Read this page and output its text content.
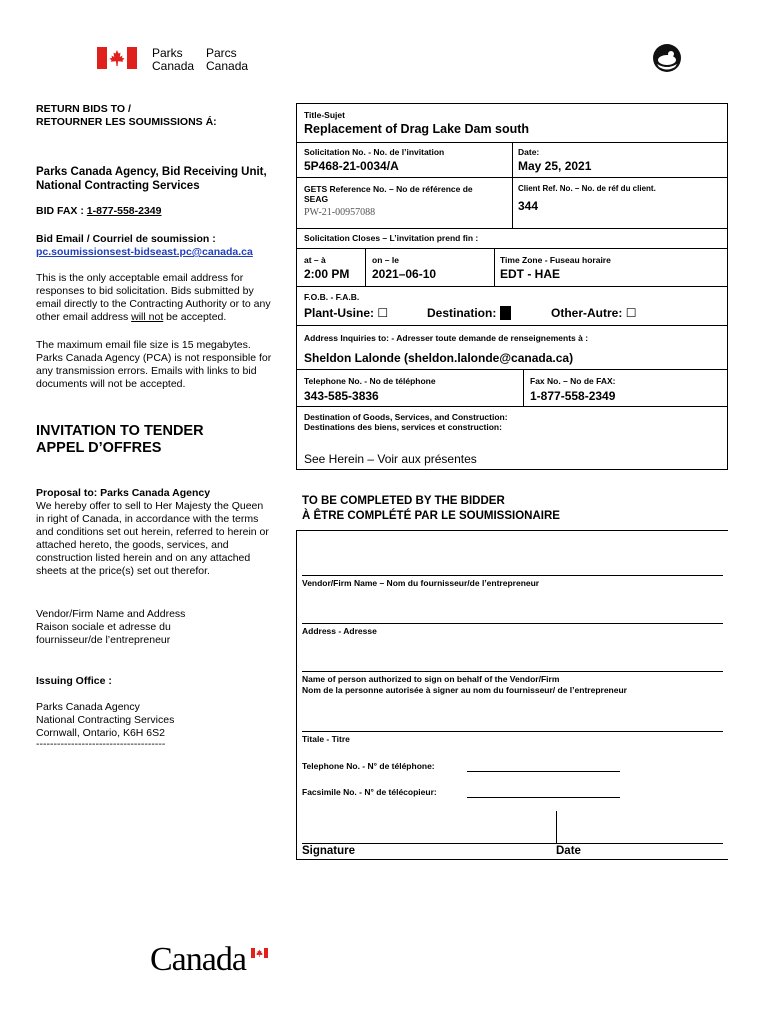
Parks
Canada
Parcs
Canada
RETURN BIDS TO /
RETOURNER LES SOUMISSIONS Á:
Parks Canada Agency, Bid Receiving Unit,
National Contracting Services
BID FAX : 1-877-558-2349
Bid Email / Courriel de soumission :
pc.soumissionsest-bidseast.pc@canada.ca
This is the only acceptable email address for
responses to bid solicitation. Bids submitted by
email directly to the Contracting Authority or to any
other email address will not be accepted.
The maximum email file size is 15 megabytes.
Parks Canada Agency (PCA) is not responsible for
any transmission errors. Emails with links to bid
documents will not be accepted.
INVITATION TO TENDER
APPEL D’OFFRES
Proposal to: Parks Canada Agency
We hereby offer to sell to Her Majesty the Queen
in right of Canada, in accordance with the terms
and conditions set out herein, referred to herein or
attached hereto, the goods, services, and
construction listed herein and on any attached
sheets at the price(s) set out therefor.
Vendor/Firm Name and Address
Raison sociale et adresse du
fournisseur/de l’entrepreneur
Issuing Office :
Parks Canada Agency
National Contracting Services
Cornwall, Ontario, K6H 6S2
-------------------------------------
Title-Sujet
Replacement of Drag Lake Dam south
Solicitation No. - No. de l’invitation
5P468-21-0034/A
Date:
May 25, 2021
GETS Reference No. – No de référence de
SEAG
PW-21-00957088
Client Ref. No. – No. de réf du client.
344
Solicitation Closes – L’invitation prend fin :
at – à
2:00 PM
on – le
2021–06-10
Time Zone - Fuseau horaire
EDT - HAE
F.O.B. - F.A.B.
Plant-Usine: ☐	Destination:	Other-Autre: ☐
Address Inquiries to: - Adresser toute demande de renseignements à :
Sheldon Lalonde (sheldon.lalonde@canada.ca)
Telephone No. - No de téléphone
343-585-3836
Fax No. – No de FAX:
1-877-558-2349
Destination of Goods, Services, and Construction:
Destinations des biens, services et construction:
See Herein – Voir aux présentes
TO BE COMPLETED BY THE BIDDER
À ÊTRE COMPLÉTÉ PAR LE SOUMISSIONAIRE
Vendor/Firm Name – Nom du fournisseur/de l’entrepreneur
Address - Adresse
Name of person authorized to sign on behalf of the Vendor/Firm
Nom de la personne autorisée à signer au nom du fournisseur/ de l’entrepreneur
Titale - Titre
Telephone No. - N° de téléphone:
Facsimile No. - N° de télécopieur:
Signature	Date
Canada
